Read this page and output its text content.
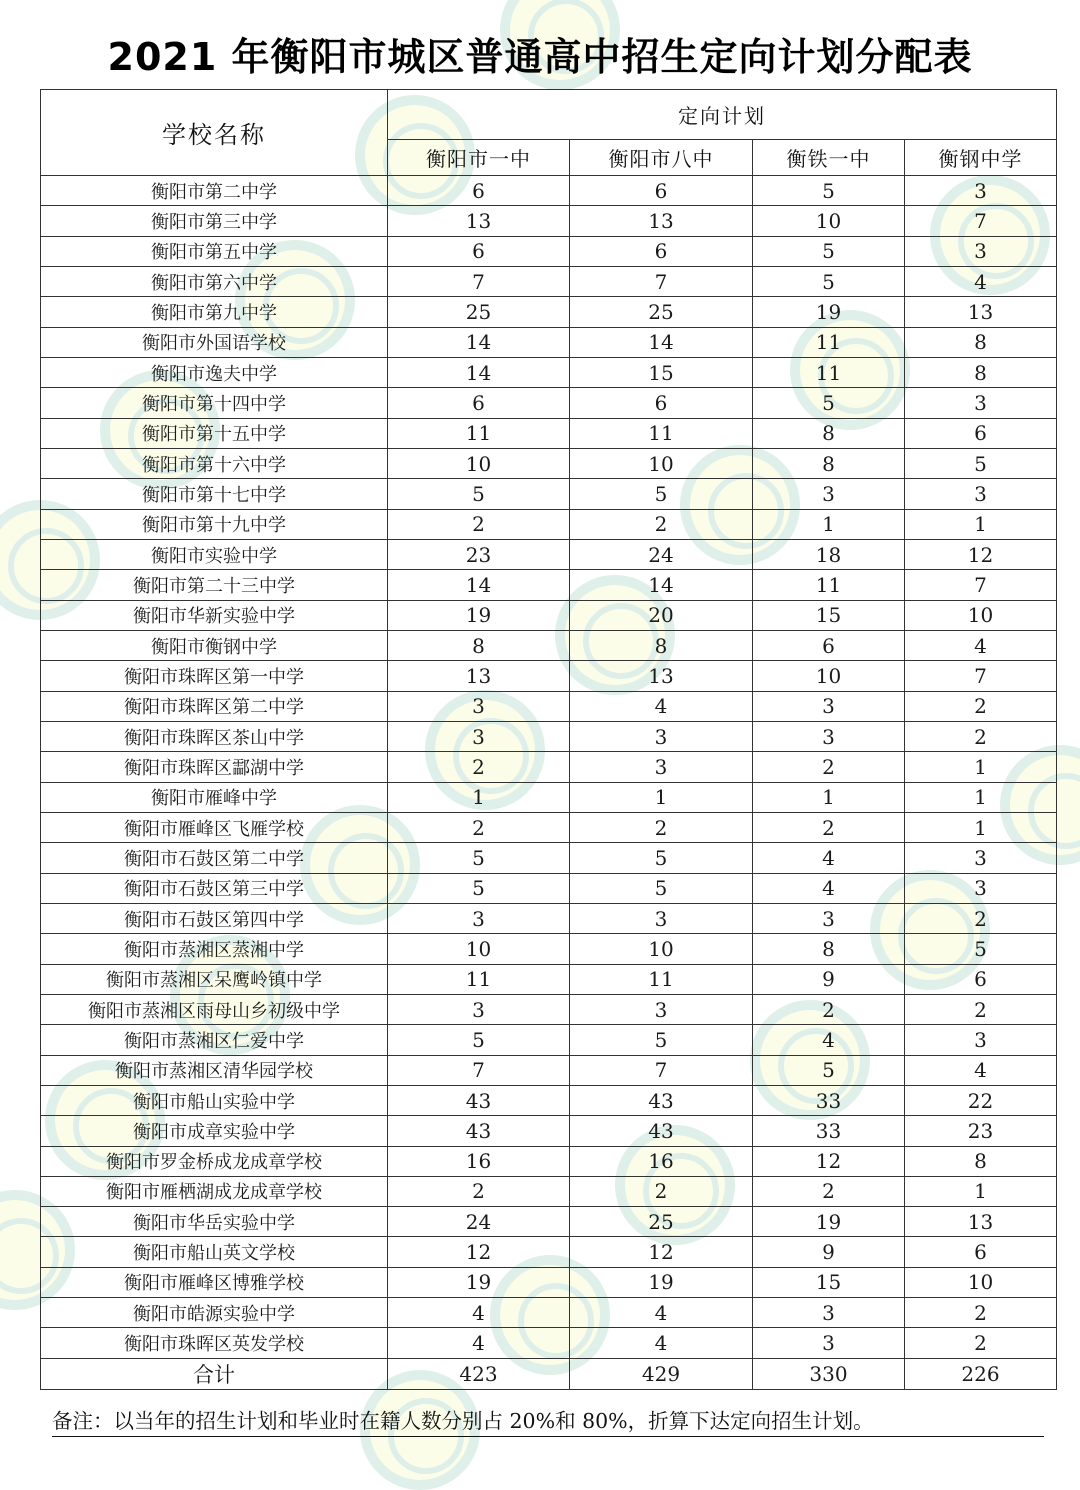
2021 年衡阳市城区普通高中招生定向计划分配表
学校名称	定向计划			
	衡阳市一中	衡阳市八中	衡铁一中	衡钢中学
衡阳市第二中学	6	6	5	3
衡阳市第三中学	13	13	10	7
衡阳市第五中学	6	6	5	3
衡阳市第六中学	7	7	5	4
衡阳市第九中学	25	25	19	13
衡阳市外国语学校	14	14	11	8
衡阳市逸夫中学	14	15	11	8
衡阳市第十四中学	6	6	5	3
衡阳市第十五中学	11	11	8	6
衡阳市第十六中学	10	10	8	5
衡阳市第十七中学	5	5	3	3
衡阳市第十九中学	2	2	1	1
衡阳市实验中学	23	24	18	12
衡阳市第二十三中学	14	14	11	7
衡阳市华新实验中学	19	20	15	10
衡阳市衡钢中学	8	8	6	4
衡阳市珠晖区第一中学	13	13	10	7
衡阳市珠晖区第二中学	3	4	3	2
衡阳市珠晖区茶山中学	3	3	3	2
衡阳市珠晖区酃湖中学	2	3	2	1
衡阳市雁峰中学	1	1	1	1
衡阳市雁峰区飞雁学校	2	2	2	1
衡阳市石鼓区第二中学	5	5	4	3
衡阳市石鼓区第三中学	5	5	4	3
衡阳市石鼓区第四中学	3	3	3	2
衡阳市蒸湘区蒸湘中学	10	10	8	5
衡阳市蒸湘区呆鹰岭镇中学	11	11	9	6
衡阳市蒸湘区雨母山乡初级中学	3	3	2	2
衡阳市蒸湘区仁爱中学	5	5	4	3
衡阳市蒸湘区清华园学校	7	7	5	4
衡阳市船山实验中学	43	43	33	22
衡阳市成章实验中学	43	43	33	23
衡阳市罗金桥成龙成章学校	16	16	12	8
衡阳市雁栖湖成龙成章学校	2	2	2	1
衡阳市华岳实验中学	24	25	19	13
衡阳市船山英文学校	12	12	9	6
衡阳市雁峰区博雅学校	19	19	15	10
衡阳市皓源实验中学	4	4	3	2
衡阳市珠晖区英发学校	4	4	3	2
合计	423	429	330	226

备注：以当年的招生计划和毕业时在籍人数分别占 20%和 80%，折算下达定向招生计划。
